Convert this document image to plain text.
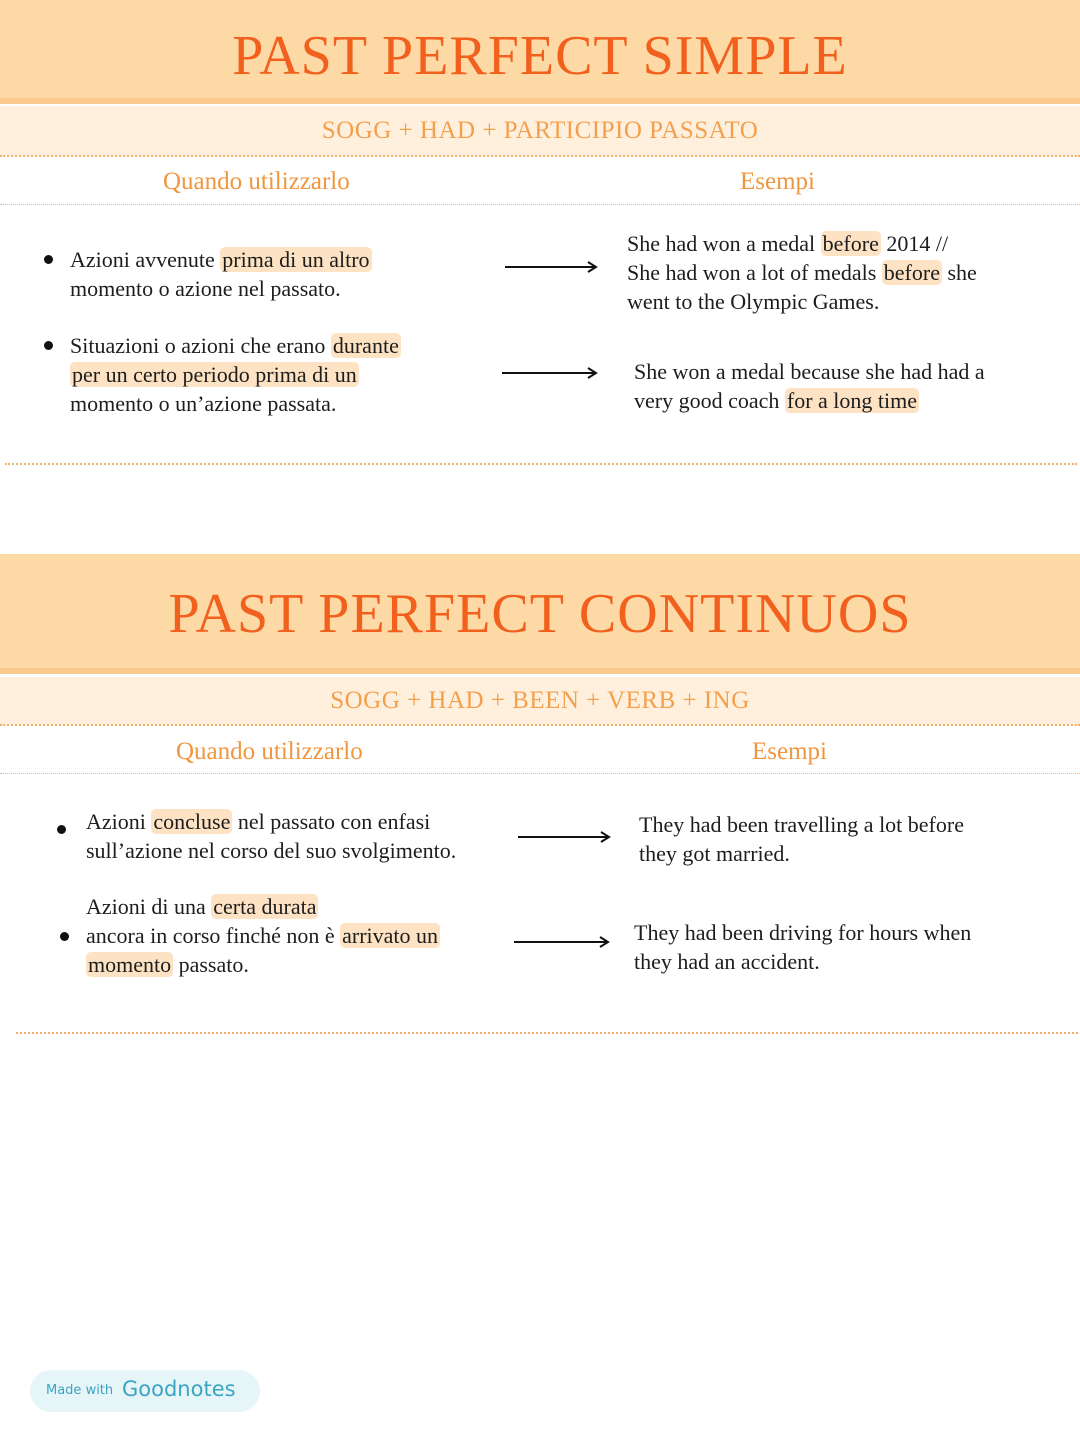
PAST PERFECT SIMPLE
SOGG + HAD + PARTICIPIO PASSATO
Quando utilizzarlo	Esempi
Azioni avvenute prima di un altro
momento o azione nel passato.
She had won a medal before 2014 //
She had won a lot of medals before she
went to the Olympic Games.
Situazioni o azioni che erano durante
per un certo periodo prima di un
momento o un’azione passata.
She won a medal because she had had a
very good coach for a long time
PAST PERFECT CONTINUOS
SOGG + HAD + BEEN + VERB + ING
Quando utilizzarlo	Esempi
Azioni concluse nel passato con enfasi
sull’azione nel corso del suo svolgimento.
They had been travelling a lot before
they got married.
Azioni di una certa durata
ancora in corso finché non è arrivato un
momento passato.
They had been driving for hours when
they had an accident.
Made with Goodnotes
